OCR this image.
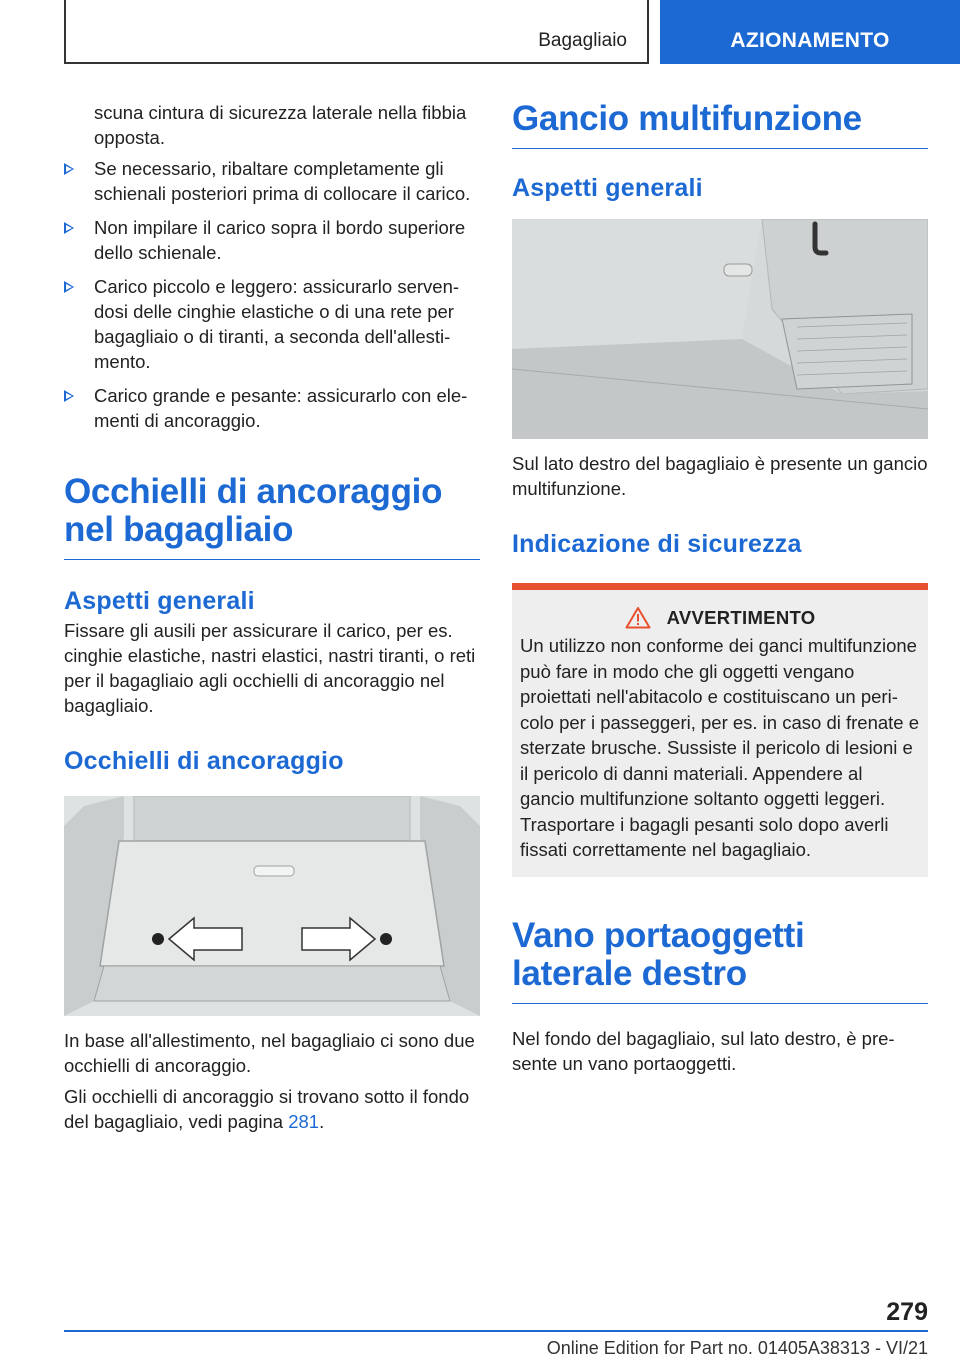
Bagagliaio	AZIONAMENTO

scuna cintura di sicurezza laterale nella fibbia opposta.

Se necessario, ribaltare completamente gli schienali posteriori prima di collocare il carico.

Non impilare il carico sopra il bordo superiore dello schienale.

Carico piccolo e leggero: assicurarlo servendosi delle cinghie elastiche o di una rete per bagagliaio o di tiranti, a seconda dell'allestimento.

Carico grande e pesante: assicurarlo con elementi di ancoraggio.

Occhielli di ancoraggio nel bagagliaio
Aspetti generali

Fissare gli ausili per assicurare il carico, per es. cinghie elastiche, nastri elastici, nastri tiranti, o reti per il bagagliaio agli occhielli di ancoraggio nel bagagliaio.

Occhielli di ancoraggio

In base all'allestimento, nel bagagliaio ci sono due occhielli di ancoraggio.

Gli occhielli di ancoraggio si trovano sotto il fondo del bagagliaio, vedi pagina 281.

Gancio multifunzione
Aspetti generali

Sul lato destro del bagagliaio è presente un gancio multifunzione.

Indicazione di sicurezza
AVVERTIMENTO

Un utilizzo non conforme dei ganci multifunzione può fare in modo che gli oggetti vengano proiettati nell'abitacolo e costituiscano un pericolo per i passeggeri, per es. in caso di frenate e sterzate brusche. Sussiste il pericolo di lesioni e il pericolo di danni materiali. Appendere al gancio multifunzione soltanto oggetti leggeri. Trasportare i bagagli pesanti solo dopo averli fissati correttamente nel bagagliaio.

Vano portaoggetti laterale destro

Nel fondo del bagagliaio, sul lato destro, è presente un vano portaoggetti.

279
Online Edition for Part no. 01405A38313 - VI/21
